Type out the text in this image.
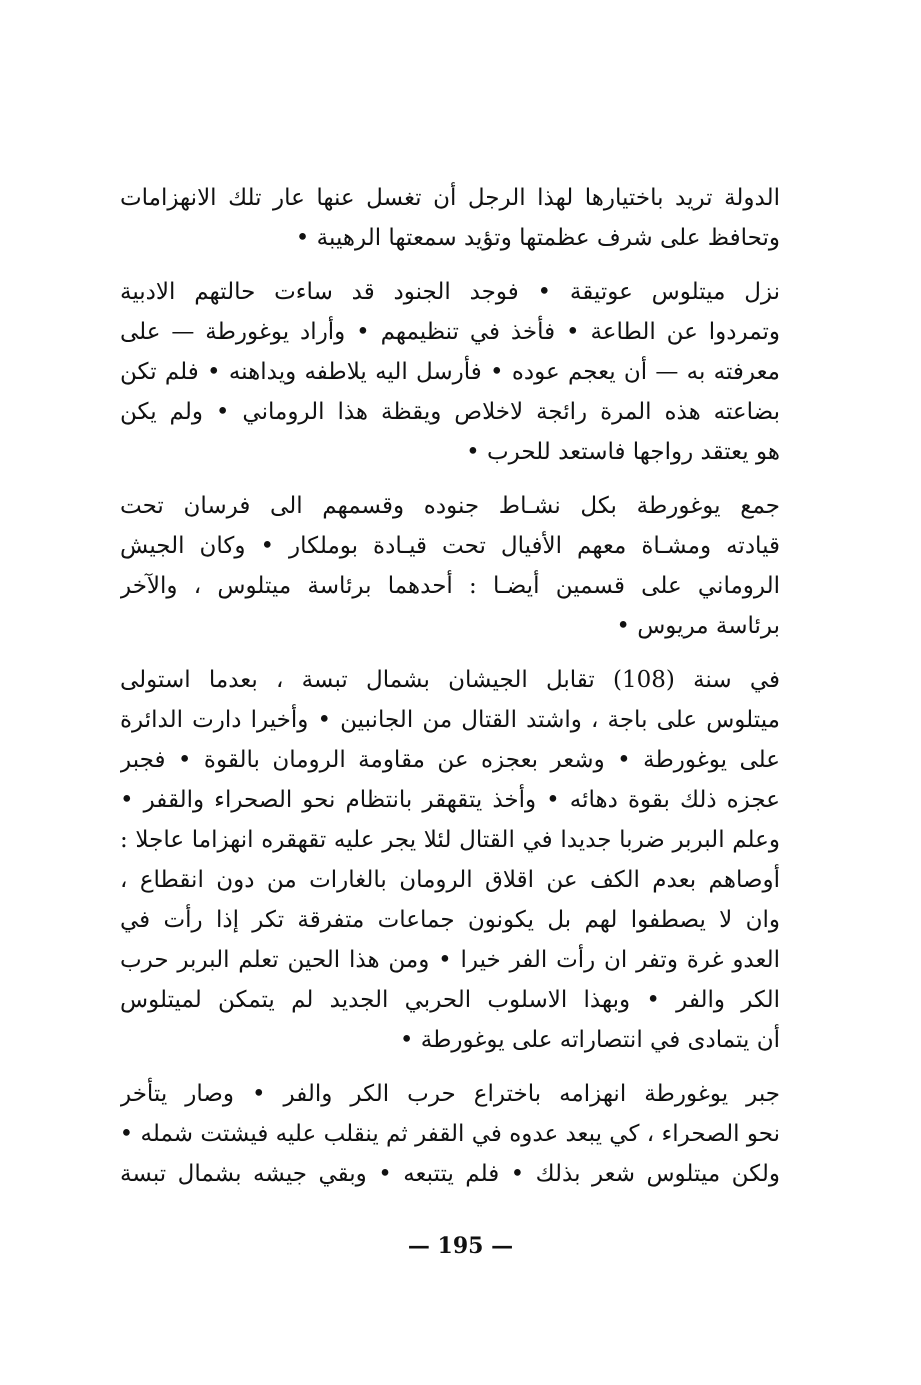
الدولة تريد باختيارها لهذا الرجل أن تغسل عنها عار تلك الانهزامات
وتحافظ على شرف عظمتها وتؤيد سمعتها الرهيبة •
نزل ميتلوس عوتيقة • فوجد الجنود قد ساءت حالتهم الادبية
وتمردوا عن الطاعة • فأخذ في تنظيمهم • وأراد يوغورطة — على
معرفته به — أن يعجم عوده • فأرسل اليه يلاطفه ويداهنه • فلم تكن
بضاعته هذه المرة رائجة لاخلاص ويقظة هذا الروماني • ولم يكن
هو يعتقد رواجها فاستعد للحرب •
جمع يوغورطة بكل نشـاط جنوده وقسمهم الى فرسان تحت
قيادته ومشـاة معهم الأفيال تحت قيـادة بوملكار • وكان الجيش
الروماني على قسمين أيضـا : أحدهما برئاسة ميتلوس ، والآخر
برئاسة مريوس •
في سنة (108) تقابل الجيشان بشمال تبسة ، بعدما استولى
ميتلوس على باجة ، واشتد القتال من الجانبين • وأخيرا دارت الدائرة
على يوغورطة • وشعر بعجزه عن مقاومة الرومان بالقوة • فجبر
عجزه ذلك بقوة دهائه • وأخذ يتقهقر بانتظام نحو الصحراء والقفر •
وعلم البربر ضربا جديدا في القتال لئلا يجر عليه تقهقره انهزاما عاجلا :
أوصاهم بعدم الكف عن اقلاق الرومان بالغارات من دون انقطاع ،
وان لا يصطفوا لهم بل يكونون جماعات متفرقة تكر إذا رأت في
العدو غرة وتفر ان رأت الفر خيرا • ومن هذا الحين تعلم البربر حرب
الكر والفر • وبهذا الاسلوب الحربي الجديد لم يتمكن لميتلوس
أن يتمادى في انتصاراته على يوغورطة •
جبر يوغورطة انهزامه باختراع حرب الكر والفر • وصار يتأخر
نحو الصحراء ، كي يبعد عدوه في القفر ثم ينقلب عليه فيشتت شمله •
ولكن ميتلوس شعر بذلك • فلم يتتبعه • وبقي جيشه بشمال تبسة
— 195 —
